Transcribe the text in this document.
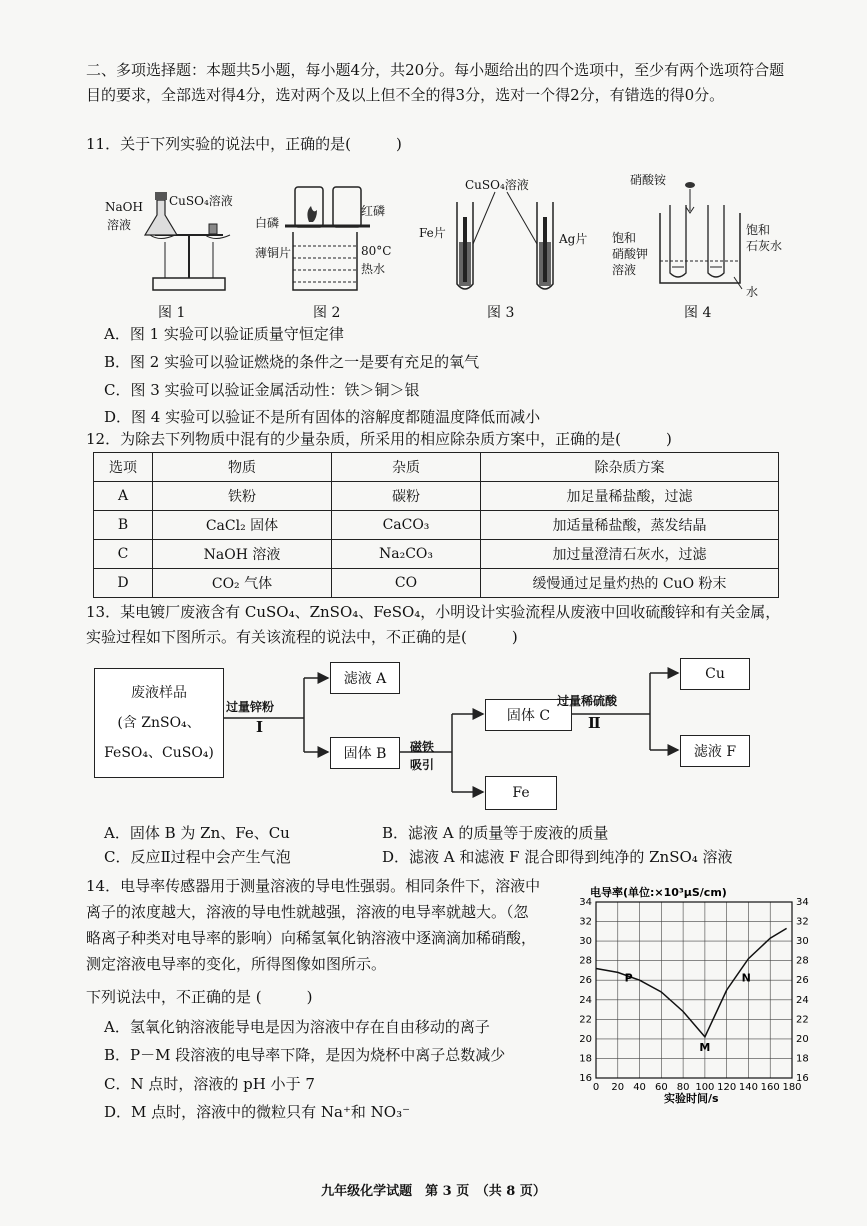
二、多项选择题：本题共5小题，每小题4分，共20分。每小题给出的四个选项中，至少有两个选项符合题目的要求，全部选对得4分，选对两个及以上但不全的得3分，选对一个得2分，有错选的得0分。
11．关于下列实验的说法中，正确的是(　　　)
NaOH
溶液
CuSO₄溶液
图 1
白磷
红磷
薄铜片	80°C
热水
图 2
CuSO₄溶液
Fe片	Ag片
图 3
硝酸铵
饱和
硝酸钾
溶液
饱和
石灰水
水
图 4
A．图 1 实验可以验证质量守恒定律
B．图 2 实验可以验证燃烧的条件之一是要有充足的氧气
C．图 3 实验可以验证金属活动性：铁＞铜＞银
D．图 4 实验可以验证不是所有固体的溶解度都随温度降低而减小
12．为除去下列物质中混有的少量杂质，所采用的相应除杂质方案中，正确的是(　　　)
选项	物质	杂质	除杂质方案
A	铁粉	碳粉	加足量稀盐酸，过滤
B	CaCl₂ 固体	CaCO₃	加适量稀盐酸，蒸发结晶
C	NaOH 溶液	Na₂CO₃	加过量澄清石灰水，过滤
D	CO₂ 气体	CO	缓慢通过足量灼热的 CuO 粉末
13．某电镀厂废液含有 CuSO₄、ZnSO₄、FeSO₄，小明设计实验流程从废液中回收硫酸锌和有关金属，
实验过程如下图所示。有关该流程的说法中，不正确的是(　　　)
废液样品
(含 ZnSO₄、
FeSO₄、CuSO₄)
过量锌粉
Ⅰ
滤液 A
固体 B	磁铁
吸引
固体 C
Fe
过量稀硫酸
Ⅱ
Cu
滤液 F
A．固体 B 为 Zn、Fe、Cu	B．滤液 A 的质量等于废液的质量
C．反应Ⅱ过程中会产生气泡	D．滤液 A 和滤液 F 混合即得到纯净的 ZnSO₄ 溶液
14．电导率传感器用于测量溶液的导电性强弱。相同条件下，溶液中
离子的浓度越大，溶液的导电性就越强，溶液的电导率就越大。（忽
略离子种类对电导率的影响）向稀氢氧化钠溶液中逐滴滴加稀硝酸，
测定溶液电导率的变化，所得图像如图所示。
下列说法中，不正确的是 (　　　)
A．氢氧化钠溶液能导电是因为溶液中存在自由移动的离子
B．P－M 段溶液的电导率下降，是因为烧杯中离子总数减少
C．N 点时，溶液的 pH 小于 7
D．M 点时，溶液中的微粒只有 Na⁺和 NO₃⁻
电导率(单位:×10³μS/cm)
0 20 40 60 80 100 120 140 160 180
16	16
18	18
20	20
22	22
24	24
26	26
28	28
30	30
32	32
34	34
P
M
N
实验时间/s
九年级化学试题　第 3 页　（共 8 页）
